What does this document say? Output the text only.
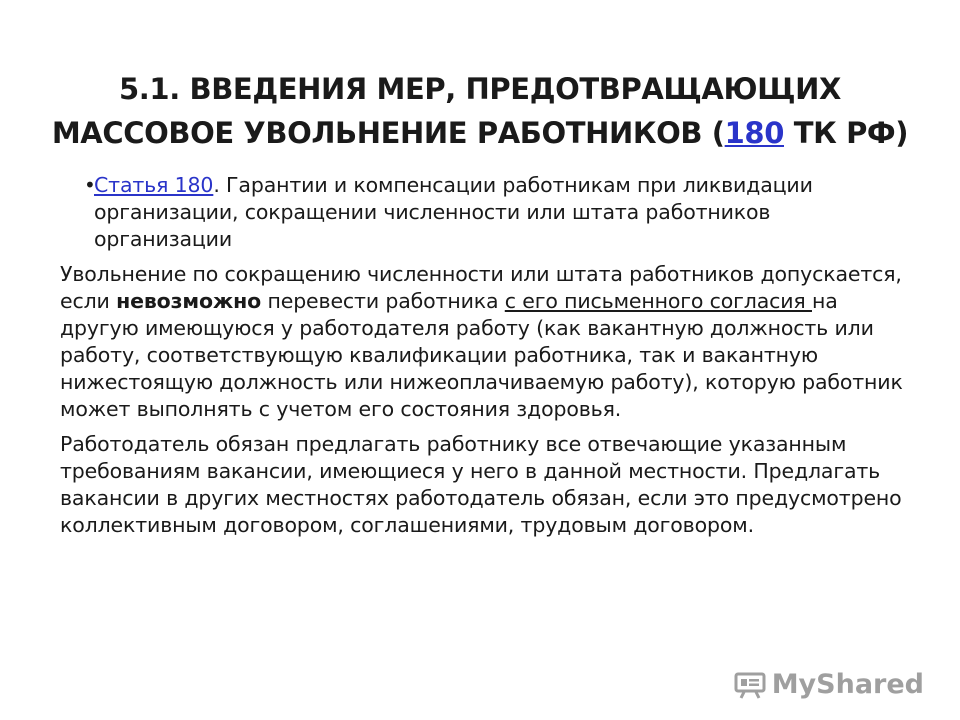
5.1. ВВЕДЕНИЯ МЕР, ПРЕДОТВРАЩАЮЩИХ
МАССОВОЕ УВОЛЬНЕНИЕ РАБОТНИКОВ (180 ТК РФ)
•
Статья 180. Гарантии и компенсации работникам при ликвидации организации, сокращении численности или штата работников организации

Увольнение по сокращению численности или штата работников допускается, если невозможно перевести работника с его письменного согласия на другую имеющуюся у работодателя работу (как вакантную должность или работу, соответствующую квалификации работника, так и вакантную нижестоящую должность или нижеоплачиваемую работу), которую работник может выполнять с учетом его состояния здоровья.

Работодатель обязан предлагать работнику все отвечающие указанным требованиям вакансии, имеющиеся у него в данной местности. Предлагать вакансии в других местностях работодатель обязан, если это предусмотрено коллективным договором, соглашениями, трудовым договором.

MyShared
